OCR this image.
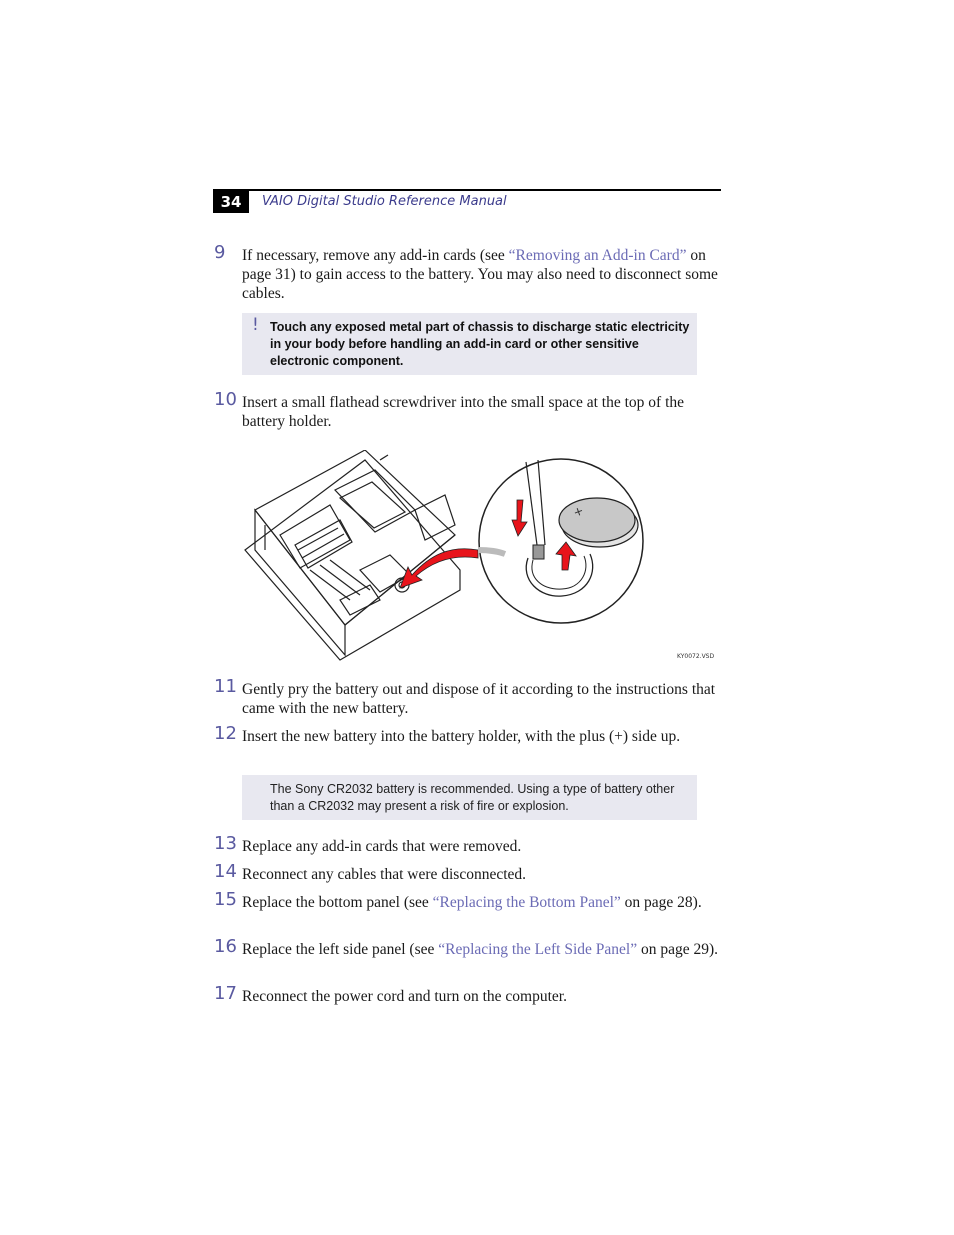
34	VAIO Digital Studio Reference Manual
9 If necessary, remove any add-in cards (see “Removing an Add-in Card” on page 31) to gain access to the battery. You may also need to disconnect some cables.
! Touch any exposed metal part of chassis to discharge static electricity in your body before handling an add-in card or other sensitive electronic component.
10 Insert a small flathead screwdriver into the small space at the top of the battery holder.
+
KY0072.VSD
11 Gently pry the battery out and dispose of it according to the instructions that came with the new battery.
12 Insert the new battery into the battery holder, with the plus (+) side up.
The Sony CR2032 battery is recommended. Using a type of battery other than a CR2032 may present a risk of fire or explosion.
13 Replace any add-in cards that were removed.
14 Reconnect any cables that were disconnected.
15 Replace the bottom panel (see “Replacing the Bottom Panel” on page 28).
16 Replace the left side panel (see “Replacing the Left Side Panel” on page 29).
17 Reconnect the power cord and turn on the computer.
